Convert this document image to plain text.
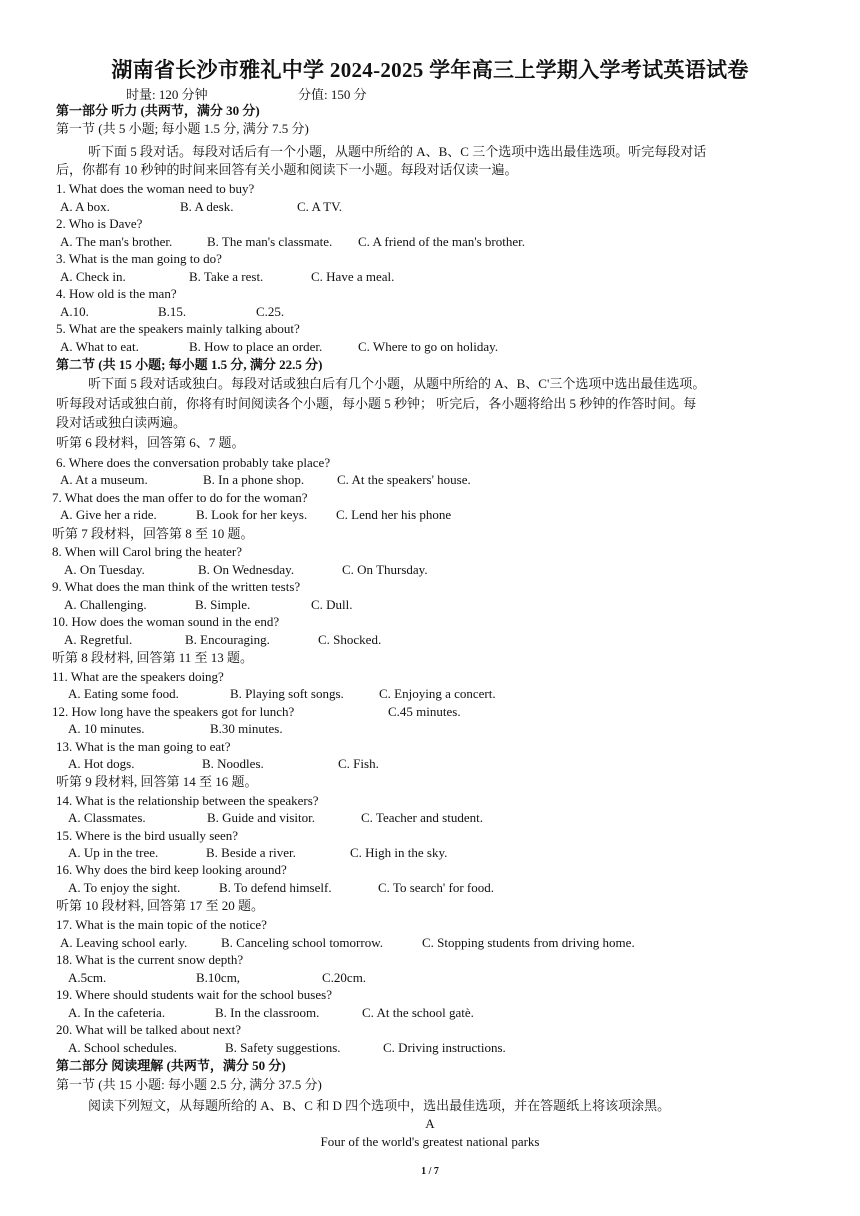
湖南省长沙市雅礼中学 2024-2025 学年高三上学期入学考试英语试卷
时量: 120 分钟	分值: 150 分
第一部分 听力 (共两节，满分 30 分)
第一节 (共 5 小题; 每小题 1.5 分, 满分 7.5 分)
听下面 5 段对话。每段对话后有一个小题，从题中所给的 A、B、C 三个选项中选出最佳选项。听完每段对话
后，你都有 10 秒钟的时间来回答有关小题和阅读下一小题。每段对话仅读一遍。
1. What does the woman need to buy?
A. A box.	B. A desk.	C. A TV.
2. Who is Dave?
A. The man's brother.	B. The man's classmate. C. A friend of the man's brother.
3. What is the man going to do?
A. Check in.	B. Take a rest.	C. Have a meal.
4. How old is the man?
A.10.	B.15.	C.25.
5. What are the speakers mainly talking about?
A. What to eat.	B. How to place an order.	C. Where to go on holiday.
第二节 (共 15 小题; 每小题 1.5 分, 满分 22.5 分)
听下面 5 段对话或独白。每段对话或独白后有几个小题，从题中所给的 A、B、C'三个选项中选出最佳选项。
听每段对话或独白前，你将有时间阅读各个小题，每小题 5 秒钟； 听完后，各小题将给出 5 秒钟的作答时间。每
段对话或独白读两遍。
听第 6 段材料，回答第 6、7 题。
6. Where does the conversation probably take place?
A. At a museum.	B. In a phone shop.	C. At the speakers' house.
7. What does the man offer to do for the woman?
A. Give her a ride.	B. Look for her keys. C. Lend her his phone
听第 7 段材料，回答第 8 至 10 题。
8. When will Carol bring the heater?
A. On Tuesday.	B. On Wednesday.	C. On Thursday.
9. What does the man think of the written tests?
A. Challenging.	B. Simple.	C. Dull.
10. How does the woman sound in the end?
A. Regretful.	B. Encouraging.	C. Shocked.
听第 8 段材料, 回答第 11 至 13 题。
11. What are the speakers doing?
A. Eating some food.	B. Playing soft songs.	C. Enjoying a concert.
12. How long have the speakers got for lunch?	C.45 minutes.
A. 10 minutes.	B.30 minutes.
13. What is the man going to eat?
A. Hot dogs.	B. Noodles.	C. Fish.
听第 9 段材料, 回答第 14 至 16 题。
14. What is the relationship between the speakers?
A. Classmates.	B. Guide and visitor.	C. Teacher and student.
15. Where is the bird usually seen?
A. Up in the tree.	B. Beside a river.	C. High in the sky.
16. Why does the bird keep looking around?
A. To enjoy the sight.	B. To defend himself.	C. To search' for food.
听第 10 段材料, 回答第 17 至 20 题。
17. What is the main topic of the notice?
A. Leaving school early.	B. Canceling school tomorrow.	C. Stopping students from driving home.
18. What is the current snow depth?
A.5cm.	B.10cm,	C.20cm.
19. Where should students wait for the school buses?
A. In the cafeteria.	B. In the classroom.	C. At the school gatè.
20. What will be talked about next?
A. School schedules.	B. Safety suggestions.	C. Driving instructions.
第二部分 阅读理解 (共两节，满分 50 分)
第一节 (共 15 小题: 每小题 2.5 分, 满分 37.5 分)
阅读下列短文，从每题所给的 A、B、C 和 D 四个选项中，选出最佳选项，并在答题纸上将该项涂黑。
A
Four of the world's greatest national parks
1 / 7
